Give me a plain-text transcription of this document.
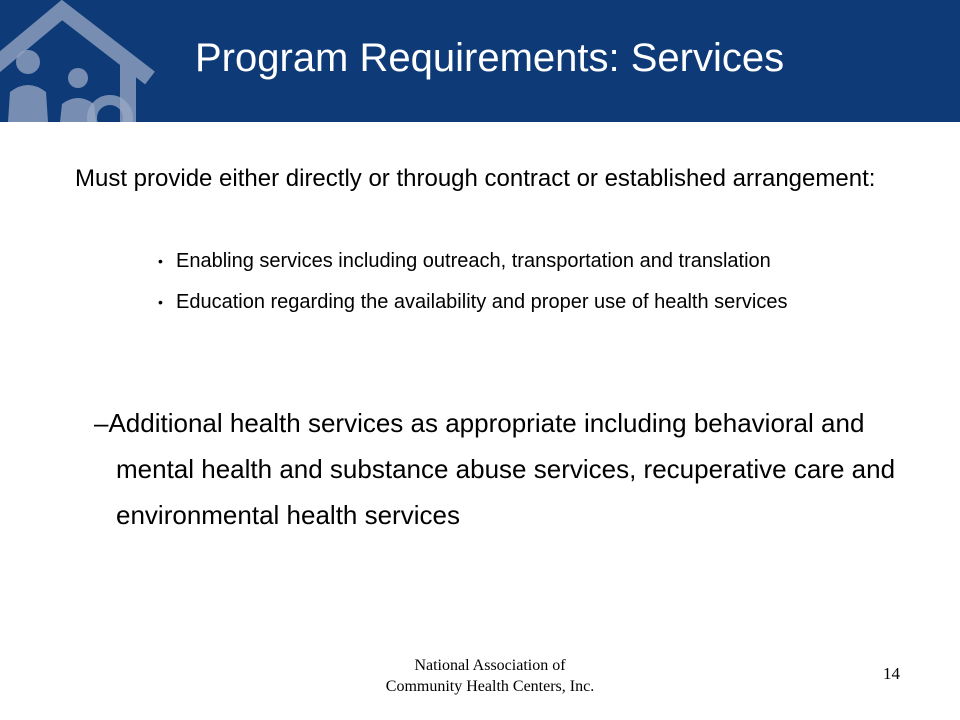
Program Requirements: Services
Must provide either directly or through contract or established arrangement:
• Enabling services including outreach, transportation and translation
• Education regarding the availability and proper use of health services
–Additional health services as appropriate including behavioral and mental health and substance abuse services, recuperative care and environmental health services
National Association of Community Health Centers, Inc.
14
